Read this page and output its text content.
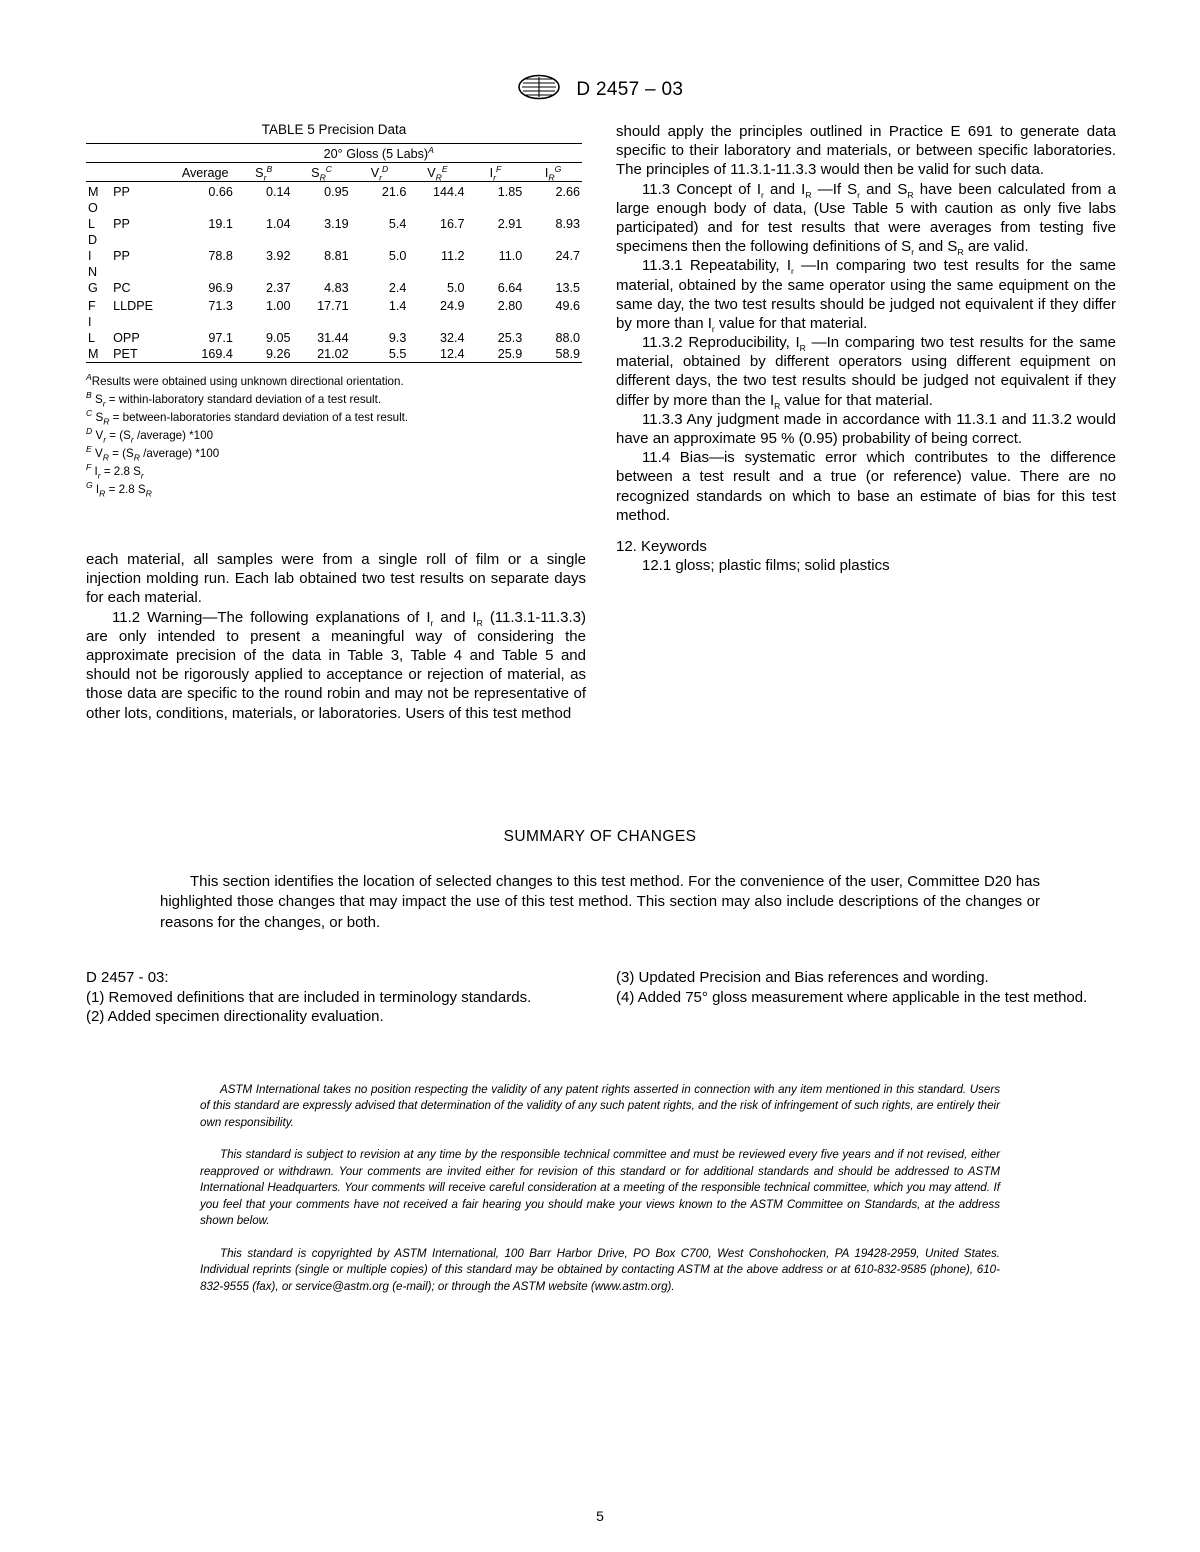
D 2457 – 03
TABLE 5 Precision Data

		20° Gloss (5 Labs)$^A$

		Average	$S_r^B$	$S_R^C$	$V_r^D$	$V_R^E$	$I_r^F$	$I_R^G$

M	PP	0.66	0.14	0.95	21.6	144.4	1.85	2.66
O								
L	PP	19.1	1.04	3.19	5.4	16.7	2.91	8.93
D								
I	PP	78.8	3.92	8.81	5.0	11.2	11.0	24.7
N								
G	PC	96.9	2.37	4.83	2.4	5.0	6.64	13.5

F	LLDPE	71.3	1.00	17.71	1.4	24.9	2.80	49.6
I								
L	OPP	97.1	9.05	31.44	9.3	32.4	25.3	88.0
M	PET	169.4	9.26	21.02	5.5	12.4	25.9	58.9

$^A$Results were obtained using unknown directional orientation.
$^B$ $S_r$ = within-laboratory standard deviation of a test result.
$^C$ $S_R$ = between-laboratories standard deviation of a test result.
$^D$ $V_r = (S_r$ /average) *100
$^E$ $V_R = (S_R$ /average) *100
$^F$ $I_r = 2.8$ $S_r$
$^G$ $I_R = 2.8$ $S_R$

each material, all samples were from a single roll of film or a single injection molding run. Each lab obtained two test results on separate days for each material.

11.2 Warning—The following explanations of $I_r$ and $I_R$ (11.3.1-11.3.3) are only intended to present a meaningful way of considering the approximate precision of the data in Table 3, Table 4 and Table 5 and should not be rigorously applied to acceptance or rejection of material, as those data are specific to the round robin and may not be representative of other lots, conditions, materials, or laboratories. Users of this test method

should apply the principles outlined in Practice E 691 to generate data specific to their laboratory and materials, or between specific laboratories. The principles of 11.3.1-11.3.3 would then be valid for such data.

11.3 Concept of $I_r$ and $I_R$ —If $S_r$ and $S_R$ have been calculated from a large enough body of data, (Use Table 5 with caution as only five labs participated) and for test results that were averages from testing five specimens then the following definitions of $S_r$ and $S_R$ are valid.

11.3.1 Repeatability, $I_r$ —In comparing two test results for the same material, obtained by the same operator using the same equipment on the same day, the two test results should be judged not equivalent if they differ by more than $I_r$ value for that material.

11.3.2 Reproducibility, $I_R$ —In comparing two test results for the same material, obtained by different operators using different equipment on different days, the two test results should be judged not equivalent if they differ by more than the $I_R$ value for that material.

11.3.3 Any judgment made in accordance with 11.3.1 and 11.3.2 would have an approximate 95 % (0.95) probability of being correct.

11.4 Bias—is systematic error which contributes to the difference between a test result and a true (or reference) value. There are no recognized standards on which to base an estimate of bias for this test method.

12. Keywords

12.1 gloss; plastic films; solid plastics

SUMMARY OF CHANGES
This section identifies the location of selected changes to this test method. For the convenience of the user, Committee D20 has highlighted those changes that may impact the use of this test method. This section may also include descriptions of the changes or reasons for the changes, or both.
D 2457 - 03:
(1) Removed definitions that are included in terminology standards.
(2) Added specimen directionality evaluation.
(3) Updated Precision and Bias references and wording.
(4) Added 75° gloss measurement where applicable in the test method.

ASTM International takes no position respecting the validity of any patent rights asserted in connection with any item mentioned in this standard. Users of this standard are expressly advised that determination of the validity of any such patent rights, and the risk of infringement of such rights, are entirely their own responsibility.

This standard is subject to revision at any time by the responsible technical committee and must be reviewed every five years and if not revised, either reapproved or withdrawn. Your comments are invited either for revision of this standard or for additional standards and should be addressed to ASTM International Headquarters. Your comments will receive careful consideration at a meeting of the responsible technical committee, which you may attend. If you feel that your comments have not received a fair hearing you should make your views known to the ASTM Committee on Standards, at the address shown below.

This standard is copyrighted by ASTM International, 100 Barr Harbor Drive, PO Box C700, West Conshohocken, PA 19428-2959, United States. Individual reprints (single or multiple copies) of this standard may be obtained by contacting ASTM at the above address or at 610-832-9585 (phone), 610-832-9555 (fax), or service@astm.org (e-mail); or through the ASTM website (www.astm.org).

5
